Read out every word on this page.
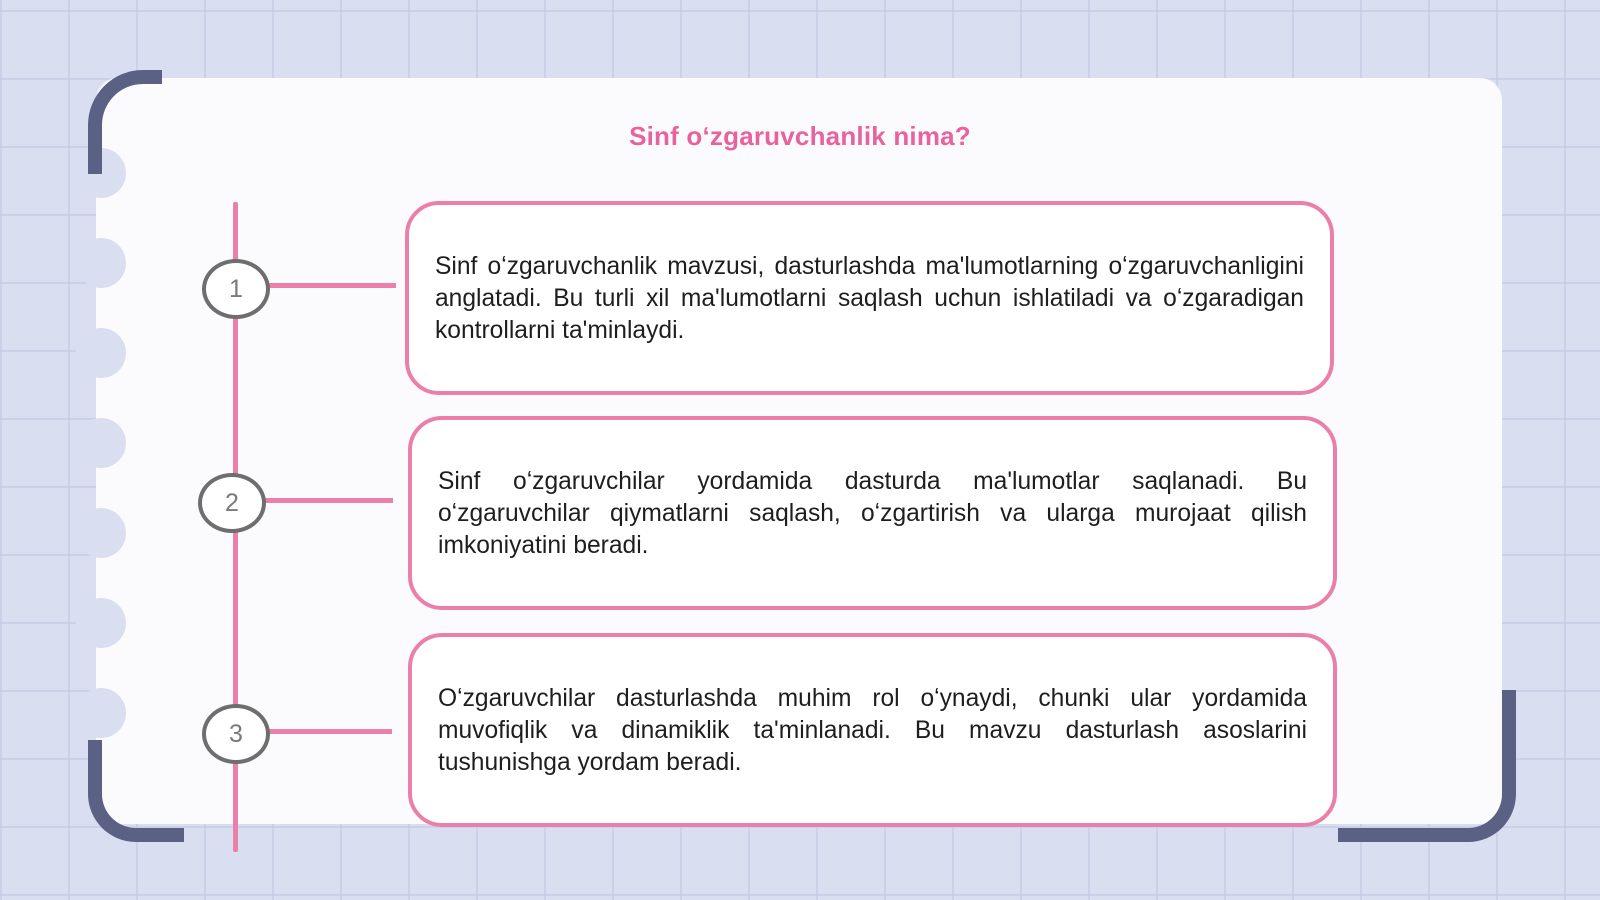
Sinf oʻzgaruvchanlik nima?
1

Sinf oʻzgaruvchanlik mavzusi, dasturlashda ma'lumotlarning oʻzgaruvchanligini anglatadi. Bu turli xil ma'lumotlarni saqlash uchun ishlatiladi va oʻzgaradigan kontrollarni ta'minlaydi.

2

Sinf oʻzgaruvchilar yordamida dasturda ma'lumotlar saqlanadi. Bu oʻzgaruvchilar qiymatlarni saqlash, oʻzgartirish va ularga murojaat qilish imkoniyatini beradi.

3

Oʻzgaruvchilar dasturlashda muhim rol oʻynaydi, chunki ular yordamida muvofiqlik va dinamiklik ta'minlanadi. Bu mavzu dasturlash asoslarini tushunishga yordam beradi.
